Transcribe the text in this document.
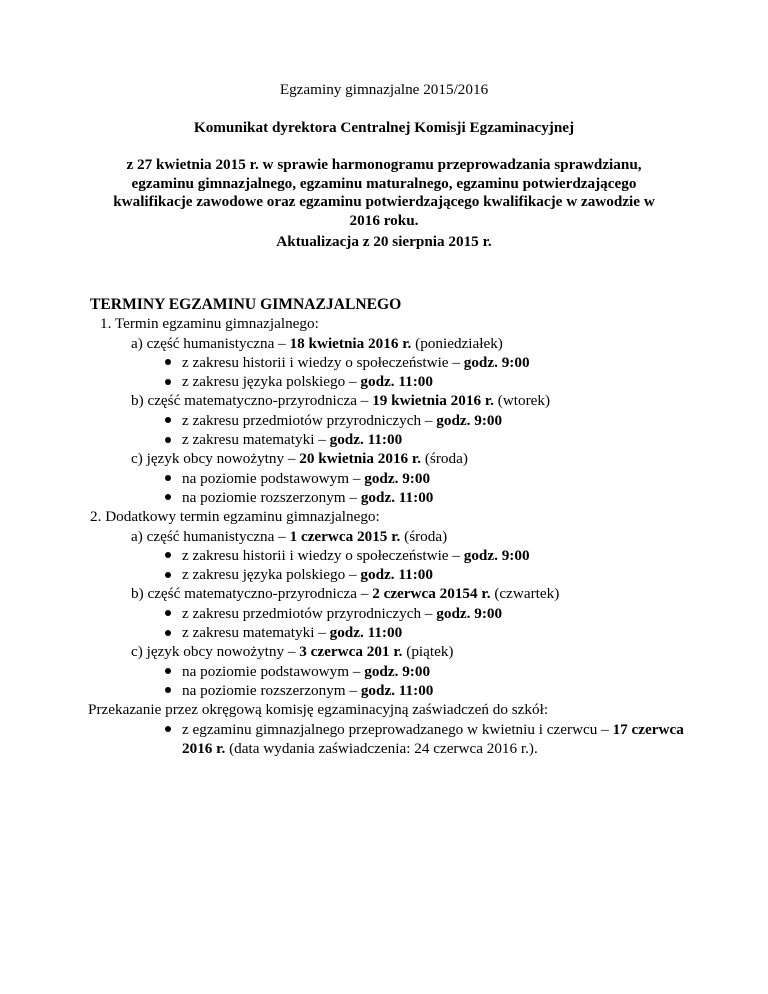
Egzaminy gimnazjalne 2015/2016
Komunikat dyrektora Centralnej Komisji Egzaminacyjnej
z 27 kwietnia 2015 r. w sprawie harmonogramu przeprowadzania sprawdzianu,
egzaminu gimnazjalnego, egzaminu maturalnego, egzaminu potwierdzającego
kwalifikacje zawodowe oraz egzaminu potwierdzającego kwalifikacje w zawodzie w
2016 roku.
Aktualizacja z 20 sierpnia 2015 r.
TERMINY EGZAMINU GIMNAZJALNEGO
1. Termin egzaminu gimnazjalnego:
a) część humanistyczna – 18 kwietnia 2016 r. (poniedziałek)
z zakresu historii i wiedzy o społeczeństwie – godz. 9:00
z zakresu języka polskiego – godz. 11:00
b) część matematyczno-przyrodnicza – 19 kwietnia 2016 r. (wtorek)
z zakresu przedmiotów przyrodniczych – godz. 9:00
z zakresu matematyki – godz. 11:00
c) język obcy nowożytny – 20 kwietnia 2016 r. (środa)
na poziomie podstawowym – godz. 9:00
na poziomie rozszerzonym – godz. 11:00
2. Dodatkowy termin egzaminu gimnazjalnego:
a) część humanistyczna – 1 czerwca 2015 r. (środa)
z zakresu historii i wiedzy o społeczeństwie – godz. 9:00
z zakresu języka polskiego – godz. 11:00
b) część matematyczno-przyrodnicza – 2 czerwca 20154 r. (czwartek)
z zakresu przedmiotów przyrodniczych – godz. 9:00
z zakresu matematyki – godz. 11:00
c) język obcy nowożytny – 3 czerwca 201 r. (piątek)
na poziomie podstawowym – godz. 9:00
na poziomie rozszerzonym – godz. 11:00
Przekazanie przez okręgową komisję egzaminacyjną zaświadczeń do szkół:
z egzaminu gimnazjalnego przeprowadzanego w kwietniu i czerwcu – 17 czerwca
2016 r. (data wydania zaświadczenia: 24 czerwca 2016 r.).
